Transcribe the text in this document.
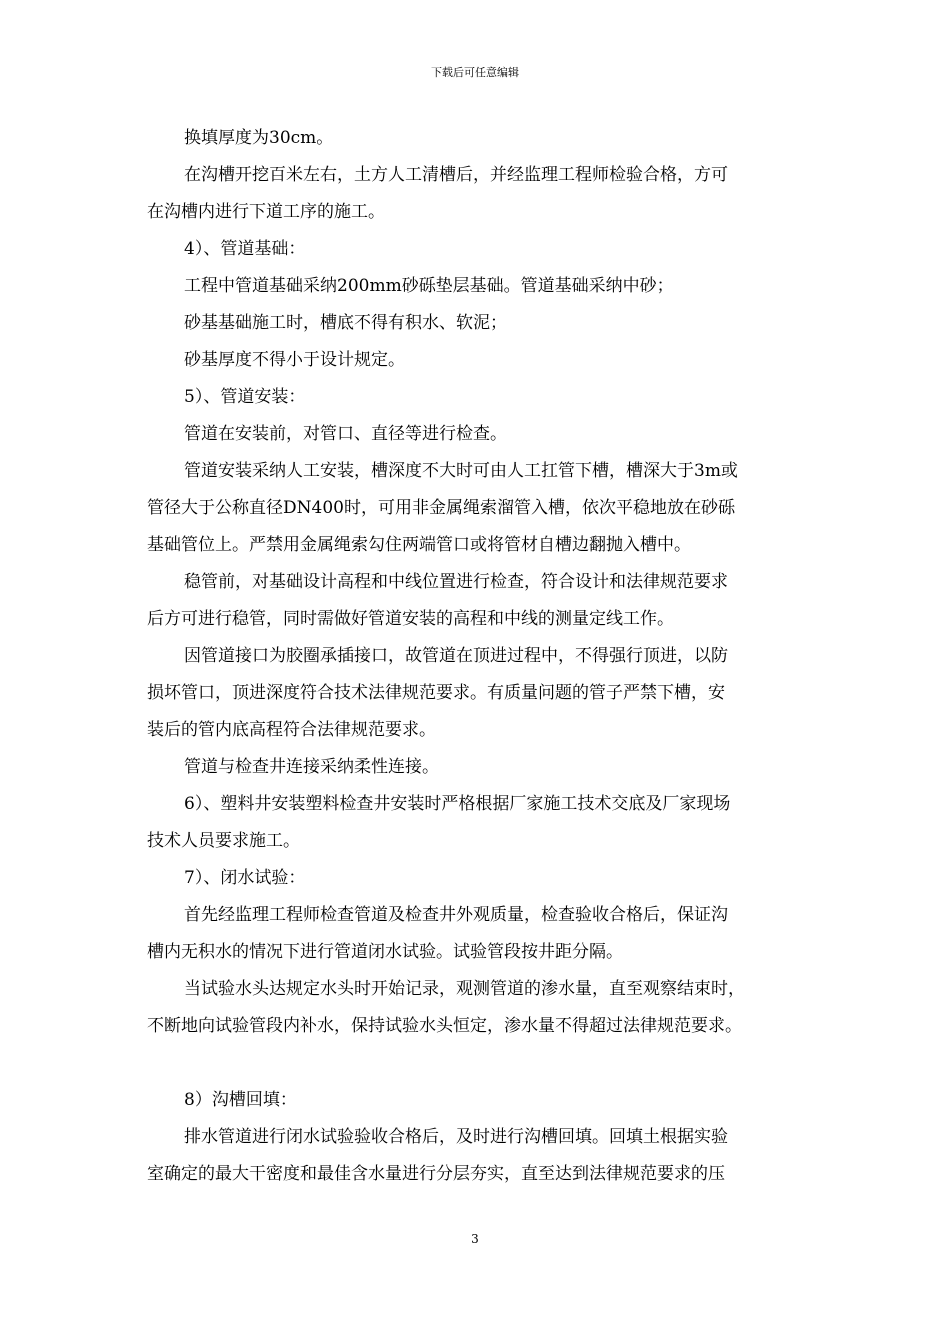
下载后可任意编辑
换填厚度为30cm。
在沟槽开挖百米左右，土方人工清槽后，并经监理工程师检验合格，方可
在沟槽内进行下道工序的施工。
4）、管道基础：
工程中管道基础采纳200mm砂砾垫层基础。管道基础采纳中砂；
砂基基础施工时，槽底不得有积水、软泥；
砂基厚度不得小于设计规定。
5）、管道安装：
管道在安装前，对管口、直径等进行检查。
管道安装采纳人工安装，槽深度不大时可由人工扛管下槽，槽深大于3m或
管径大于公称直径DN400时，可用非金属绳索溜管入槽，依次平稳地放在砂砾
基础管位上。严禁用金属绳索勾住两端管口或将管材自槽边翻抛入槽中。
稳管前，对基础设计高程和中线位置进行检查，符合设计和法律规范要求
后方可进行稳管，同时需做好管道安装的高程和中线的测量定线工作。
因管道接口为胶圈承插接口，故管道在顶进过程中，不得强行顶进，以防
损坏管口，顶进深度符合技术法律规范要求。有质量问题的管子严禁下槽，安
装后的管内底高程符合法律规范要求。
管道与检查井连接采纳柔性连接。
6）、塑料井安装塑料检查井安装时严格根据厂家施工技术交底及厂家现场
技术人员要求施工。
7）、闭水试验：
首先经监理工程师检查管道及检查井外观质量，检查验收合格后，保证沟
槽内无积水的情况下进行管道闭水试验。试验管段按井距分隔。
当试验水头达规定水头时开始记录，观测管道的渗水量，直至观察结束时，
不断地向试验管段内补水，保持试验水头恒定，渗水量不得超过法律规范要求。
8）沟槽回填：
排水管道进行闭水试验验收合格后，及时进行沟槽回填。回填土根据实验
室确定的最大干密度和最佳含水量进行分层夯实，直至达到法律规范要求的压
3
